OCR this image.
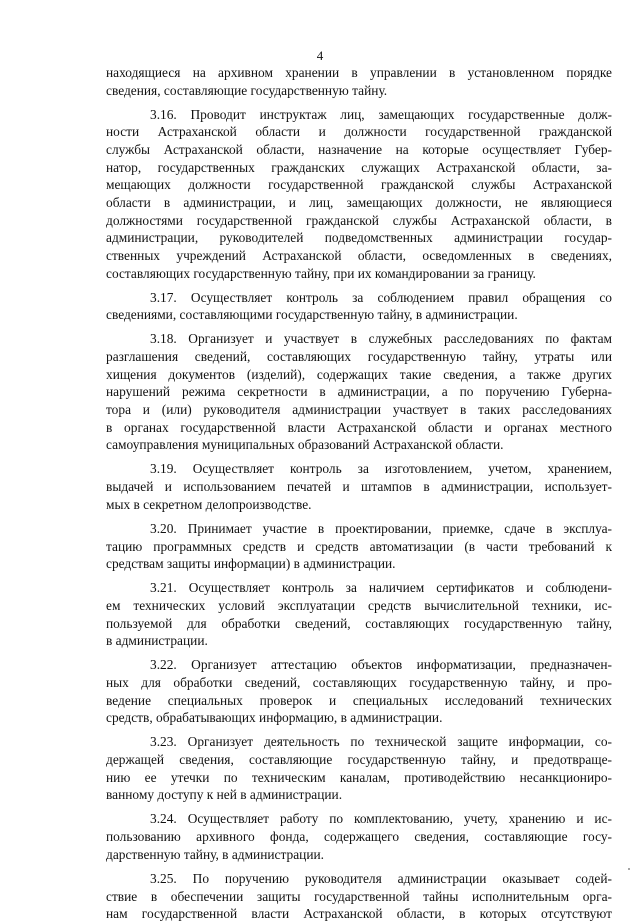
4
находящиеся на архивном хранении в управлении в установленном порядке
сведения, составляющие государственную тайну.
3.16. Проводит инструктаж лиц, замещающих государственные долж-
ности Астраханской области и должности государственной гражданской
службы Астраханской области, назначение на которые осуществляет Губер-
натор, государственных гражданских служащих Астраханской области, за-
мещающих должности государственной гражданской службы Астраханской
области в администрации, и лиц, замещающих должности, не являющиеся
должностями государственной гражданской службы Астраханской области, в
администрации, руководителей подведомственных администрации государ-
ственных учреждений Астраханской области, осведомленных в сведениях,
составляющих государственную тайну, при их командировании за границу.
3.17. Осуществляет контроль за соблюдением правил обращения со
сведениями, составляющими государственную тайну, в администрации.
3.18. Организует и участвует в служебных расследованиях по фактам
разглашения сведений, составляющих государственную тайну, утраты или
хищения документов (изделий), содержащих такие сведения, а также других
нарушений режима секретности в администрации, а по поручению Губерна-
тора и (или) руководителя администрации участвует в таких расследованиях
в органах государственной власти Астраханской области и органах местного
самоуправления муниципальных образований Астраханской области.
3.19. Осуществляет контроль за изготовлением, учетом, хранением,
выдачей и использованием печатей и штампов в администрации, использует-
мых в секретном делопроизводстве.
3.20. Принимает участие в проектировании, приемке, сдаче в эксплуа-
тацию программных средств и средств автоматизации (в части требований к
средствам защиты информации) в администрации.
3.21. Осуществляет контроль за наличием сертификатов и соблюдени-
ем технических условий эксплуатации средств вычислительной техники, ис-
пользуемой для обработки сведений, составляющих государственную тайну,
в администрации.
3.22. Организует аттестацию объектов информатизации, предназначен-
ных для обработки сведений, составляющих государственную тайну, и про-
ведение специальных проверок и специальных исследований технических
средств, обрабатывающих информацию, в администрации.
3.23. Организует деятельность по технической защите информации, со-
держащей сведения, составляющие государственную тайну, и предотвраще-
нию ее утечки по техническим каналам, противодействию несанкциониро-
ванному доступу к ней в администрации.
3.24. Осуществляет работу по комплектованию, учету, хранению и ис-
пользованию архивного фонда, содержащего сведения, составляющие госу-
дарственную тайну, в администрации.
3.25. По поручению руководителя администрации оказывает содей-
ствие в обеспечении защиты государственной тайны исполнительным орга-
нам государственной власти Астраханской области, в которых отсутствуют
